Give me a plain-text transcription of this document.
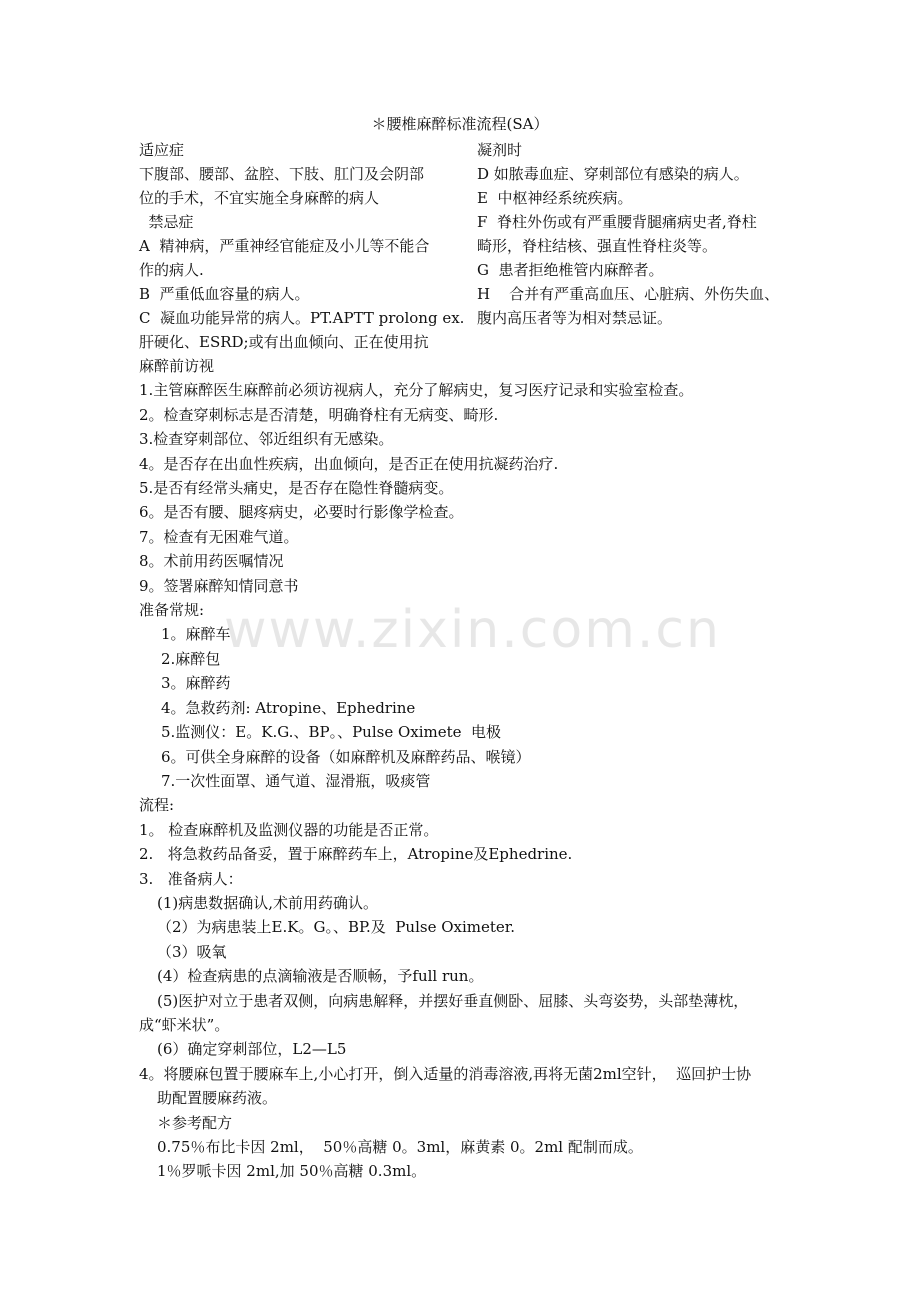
＊腰椎麻醉标准流程(SA）
适应症
下腹部、腰部、盆腔、下肢、肛门及会阴部
位的手术，不宜实施全身麻醉的病人
禁忌症
A  精神病，严重神经官能症及小儿等不能合
作的病人.
B  严重低血容量的病人。
C  凝血功能异常的病人。PT.APTT prolong ex.
肝硬化、ESRD;或有出血倾向、正在使用抗
凝剂时
D 如脓毒血症、穿刺部位有感染的病人。
E  中枢神经系统疾病。
F  脊柱外伤或有严重腰背腿痛病史者,脊柱
畸形，脊柱结核、强直性脊柱炎等。
G  患者拒绝椎管内麻醉者。
H    合并有严重高血压、心脏病、外伤失血、
腹内高压者等为相对禁忌证。
麻醉前访视
1.主管麻醉医生麻醉前必须访视病人，充分了解病史，复习医疗记录和实验室检查。
2。检查穿刺标志是否清楚，明确脊柱有无病变、畸形.
3.检查穿刺部位、邻近组织有无感染。
4。是否存在出血性疾病，出血倾向，是否正在使用抗凝药治疗.
5.是否有经常头痛史，是否存在隐性脊髓病变。
6。是否有腰、腿疼病史，必要时行影像学检查。
7。检查有无困难气道。
8。术前用药医嘱情况
9。签署麻醉知情同意书
准备常规:
1。麻醉车
2.麻醉包
3。麻醉药
4。急救药剂: Atropine、Ephedrine
5.监测仪：E。K.G.、BP。、Pulse Oximete  电极
6。可供全身麻醉的设备（如麻醉机及麻醉药品、喉镜）
7.一次性面罩、通气道、湿滑瓶，吸痰管
流程:
1。 检查麻醉机及监测仪器的功能是否正常。
2.   将急救药品备妥，置于麻醉药车上，Atropine及Ephedrine.
3.   准备病人：
(1)病患数据确认,术前用药确认。
（2）为病患装上E.K。G。、BP.及  Pulse Oximeter.
（3）吸氧
(4）检查病患的点滴输液是否顺畅，予full run。
(5)医护对立于患者双侧，向病患解释，并摆好垂直侧卧、屈膝、头弯姿势，头部垫薄枕，
成“虾米状”。
(6）确定穿刺部位，L2—L5
4。将腰麻包置于腰麻车上,小心打开，倒入适量的消毒溶液,再将无菌2ml空针，  巡回护士协
助配置腰麻药液。
＊参考配方
0.75％布比卡因 2ml，  50％高糖 0。3ml，麻黄素 0。2ml 配制而成。
1％罗哌卡因 2ml,加 50％高糖 0.3ml。
www.zixin.com.cn
